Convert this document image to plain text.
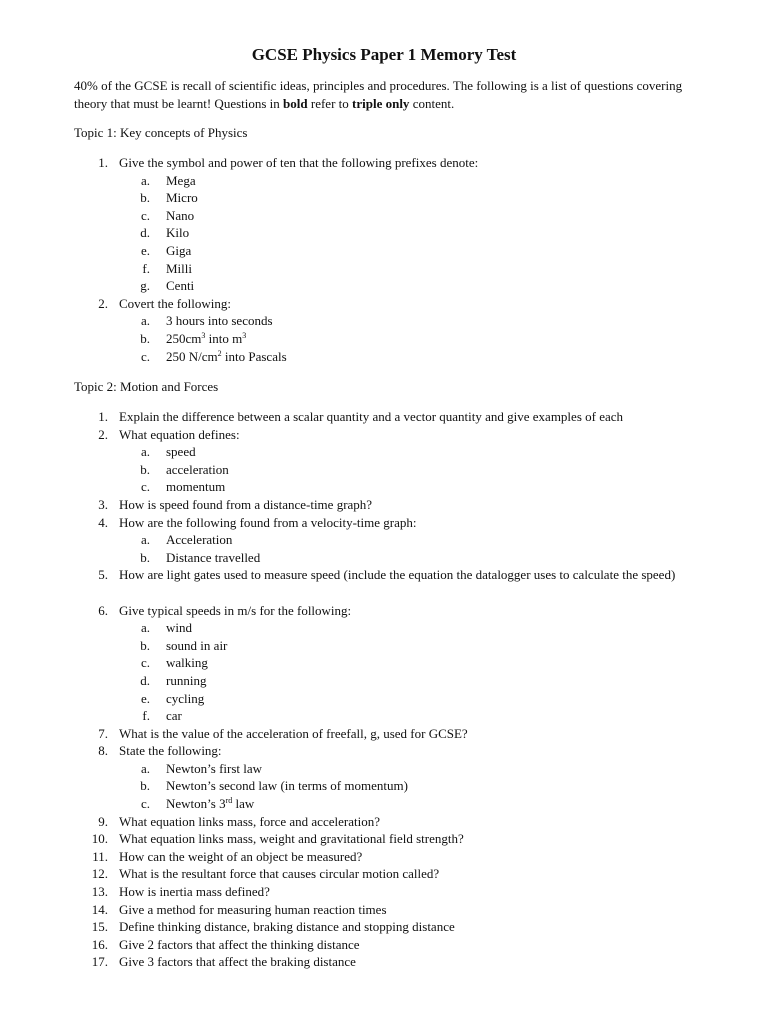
GCSE Physics Paper 1 Memory Test
40% of the GCSE is recall of scientific ideas, principles and procedures. The following is a list of questions covering theory that must be learnt! Questions in bold refer to triple only content.
Topic 1: Key concepts of Physics
1. Give the symbol and power of ten that the following prefixes denote:
a. Mega
b. Micro
c. Nano
d. Kilo
e. Giga
f. Milli
g. Centi
2. Covert the following:
a. 3 hours into seconds
b. $250cm^3$ into $m^3$
c. 250 $N/cm^2$ into Pascals
Topic 2: Motion and Forces
1. Explain the difference between a scalar quantity and a vector quantity and give examples of each
2. What equation defines:
a. speed
b. acceleration
c. momentum
3. How is speed found from a distance-time graph?
4. How are the following found from a velocity-time graph:
a. Acceleration
b. Distance travelled
5. How are light gates used to measure speed (include the equation the datalogger uses to calculate the speed)
6. Give typical speeds in m/s for the following:
a. wind
b. sound in air
c. walking
d. running
e. cycling
f. car
7. What is the value of the acceleration of freefall, g, used for GCSE?
8. State the following:
a. Newton’s first law
b. Newton’s second law (in terms of momentum)
c. Newton’s 3rd law
9. What equation links mass, force and acceleration?
10. What equation links mass, weight and gravitational field strength?
11. How can the weight of an object be measured?
12. What is the resultant force that causes circular motion called?
13. How is inertia mass defined?
14. Give a method for measuring human reaction times
15. Define thinking distance, braking distance and stopping distance
16. Give 2 factors that affect the thinking distance
17. Give 3 factors that affect the braking distance
